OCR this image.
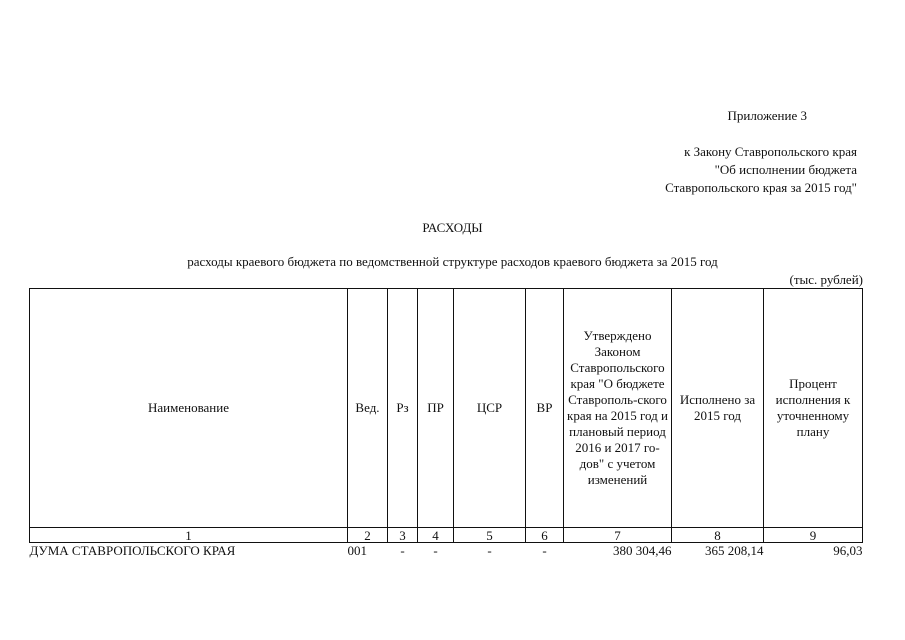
Приложение 3
к Закону Ставропольского края
"Об исполнении бюджета
Ставропольского края за 2015 год"
РАСХОДЫ
расходы краевого бюджета по ведомственной структуре расходов краевого бюджета за 2015 год
(тыс. рублей)
Наименование	Вед.	Рз	ПР	ЦСР	ВР	Утверждено Законом Ставропольского края "О бюджете Ставрополь-ского края на 2015 год и плановый период 2016 и 2017 го-дов" с учетом изменений	Исполнено за 2015 год	Процент исполнения к уточненному плану
1	2	3	4	5	6	7	8	9
ДУМА СТАВРОПОЛЬСКОГО КРАЯ	001	-	-	-	-	380 304,46	365 208,14	96,03
